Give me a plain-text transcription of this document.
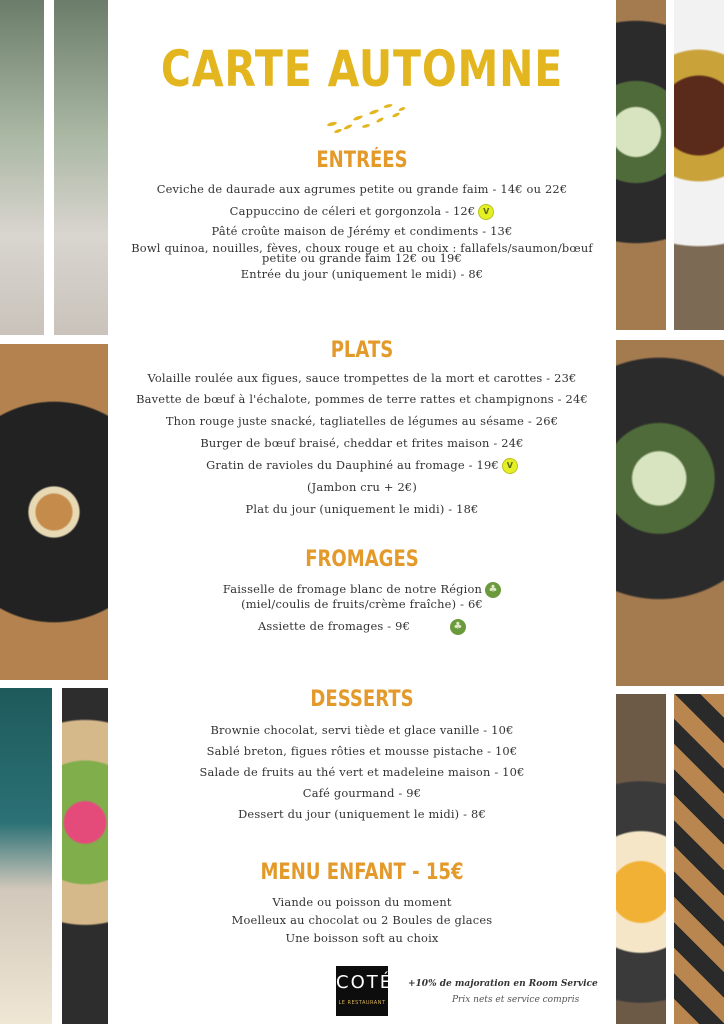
CARTE AUTOMNE
ENTRÉES
Ceviche de daurade aux agrumes petite ou grande faim - 14€ ou 22€
Cappuccino de céleri et gorgonzola - 12€V
Pâté croûte maison de Jérémy et condiments - 13€
Bowl quinoa, nouilles, fèves, choux rouge et au choix : fallafels/saumon/bœuf
petite ou grande faim 12€ ou 19€
Entrée du jour (uniquement le midi) - 8€
PLATS
Volaille roulée aux figues, sauce trompettes de la mort et carottes - 23€
Bavette de bœuf à l'échalote, pommes de terre rattes et champignons - 24€
Thon rouge juste snacké, tagliatelles de légumes au sésame - 26€
Burger de bœuf braisé, cheddar et frites maison - 24€
Gratin de ravioles du Dauphiné au fromage - 19€V
(Jambon cru + 2€)
Plat du jour (uniquement le midi) - 18€
FROMAGES
Faisselle de fromage blanc de notre Région♣
(miel/coulis de fruits/crème fraîche) - 6€
Assiette de fromages - 9€♣
DESSERTS
Brownie chocolat, servi tiède et glace vanille - 10€
Sablé breton, figues rôties et mousse pistache - 10€
Salade de fruits au thé vert et madeleine maison - 10€
Café gourmand - 9€
Dessert du jour (uniquement le midi) - 8€
MENU ENFANT - 15€
Viande ou poisson du moment
Moelleux au chocolat ou 2 Boules de glaces
Une boisson soft au choix
COTÉ
LE RESTAURANT
+10% de majoration en Room Service
Prix nets et service compris
